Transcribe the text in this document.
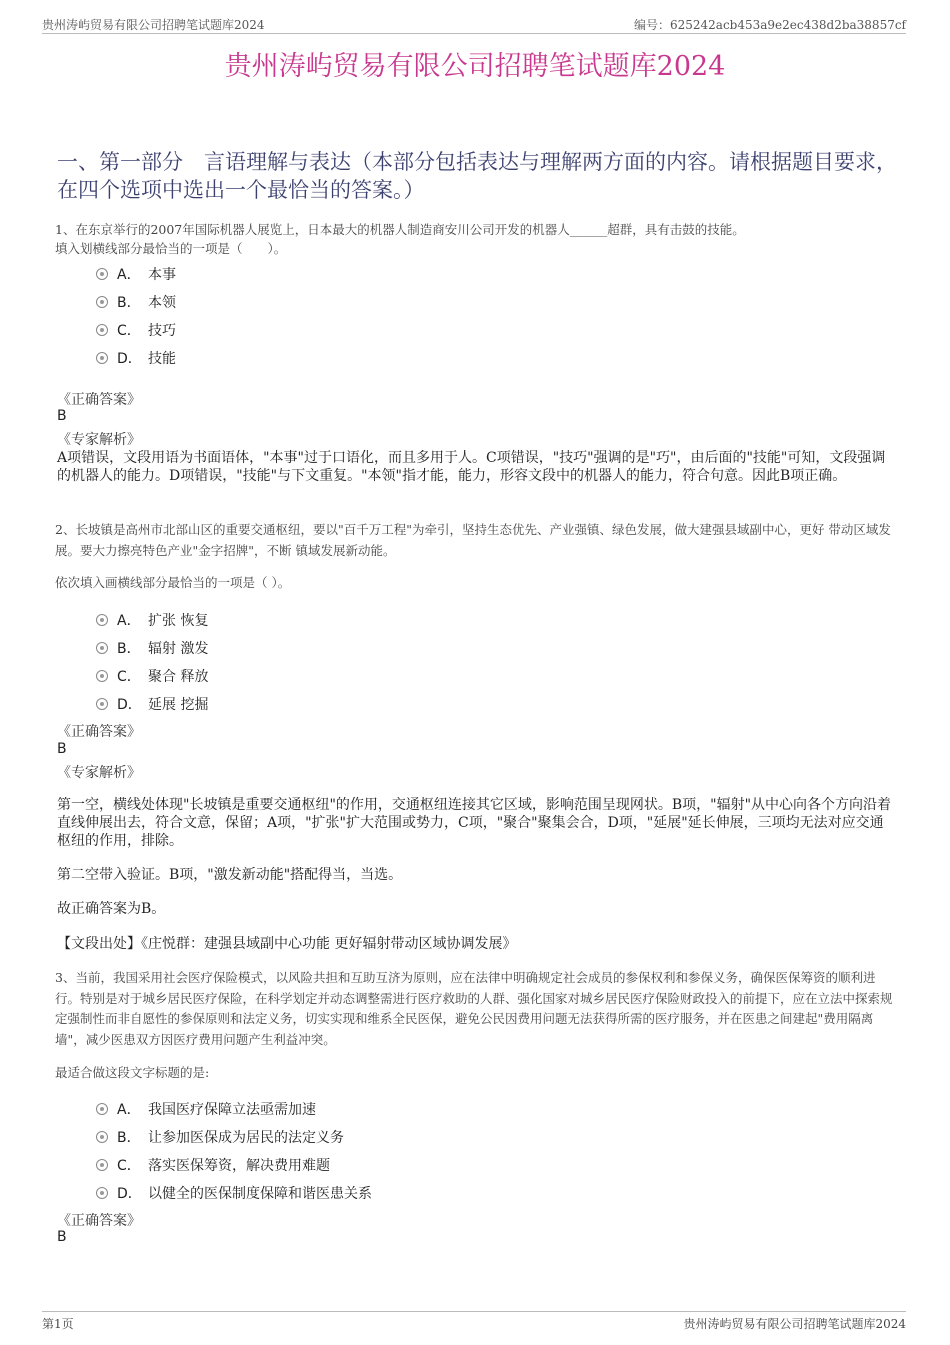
贵州涛屿贸易有限公司招聘笔试题库2024	编号：625242acb453a9e2ec438d2ba38857cf
贵州涛屿贸易有限公司招聘笔试题库2024
一、第一部分　言语理解与表达（本部分包括表达与理解两方面的内容。请根据题目要求，在四个选项中选出一个最恰当的答案。）
1、在东京举行的2007年国际机器人展览上，日本最大的机器人制造商安川公司开发的机器人______超群，具有击鼓的技能。
填入划横线部分最恰当的一项是（　　）。
A． 本事
B． 本领
C． 技巧
D． 技能
《正确答案》
B
《专家解析》
A项错误，文段用语为书面语体，"本事"过于口语化，而且多用于人。C项错误，"技巧"强调的是"巧"，由后面的"技能"可知，文段强调的机器人的能力。D项错误，"技能"与下文重复。"本领"指才能，能力，形容文段中的机器人的能力，符合句意。因此B项正确。
2、长坡镇是高州市北部山区的重要交通枢纽，要以"百千万工程"为牵引，坚持生态优先、产业强镇、绿色发展，做大建强县域副中心，更好 带动区域发展。要大力擦亮特色产业"金字招牌"，不断 镇域发展新动能。
依次填入画横线部分最恰当的一项是（ ）。
A． 扩张 恢复
B． 辐射 激发
C． 聚合 释放
D． 延展 挖掘
《正确答案》
B
《专家解析》
第一空，横线处体现"长坡镇是重要交通枢纽"的作用，交通枢纽连接其它区域，影响范围呈现网状。B项，"辐射"从中心向各个方向沿着直线伸展出去，符合文意，保留；A项，"扩张"扩大范围或势力，C项，"聚合"聚集会合，D项，"延展"延长伸展，三项均无法对应交通枢纽的作用，排除。
第二空带入验证。B项，"激发新动能"搭配得当，当选。
故正确答案为B。
【文段出处】《庄悦群：建强县域副中心功能 更好辐射带动区域协调发展》
3、当前，我国采用社会医疗保险模式，以风险共担和互助互济为原则，应在法律中明确规定社会成员的参保权利和参保义务，确保医保筹资的顺利进行。特别是对于城乡居民医疗保险，在科学划定并动态调整需进行医疗救助的人群、强化国家对城乡居民医疗保险财政投入的前提下，应在立法中探索规定强制性而非自愿性的参保原则和法定义务，切实实现和维系全民医保，避免公民因费用问题无法获得所需的医疗服务，并在医患之间建起"费用隔离墙"，减少医患双方因医疗费用问题产生利益冲突。
最适合做这段文字标题的是:
A． 我国医疗保障立法亟需加速
B． 让参加医保成为居民的法定义务
C． 落实医保筹资，解决费用难题
D． 以健全的医保制度保障和谐医患关系
《正确答案》
B
第1页	贵州涛屿贸易有限公司招聘笔试题库2024
